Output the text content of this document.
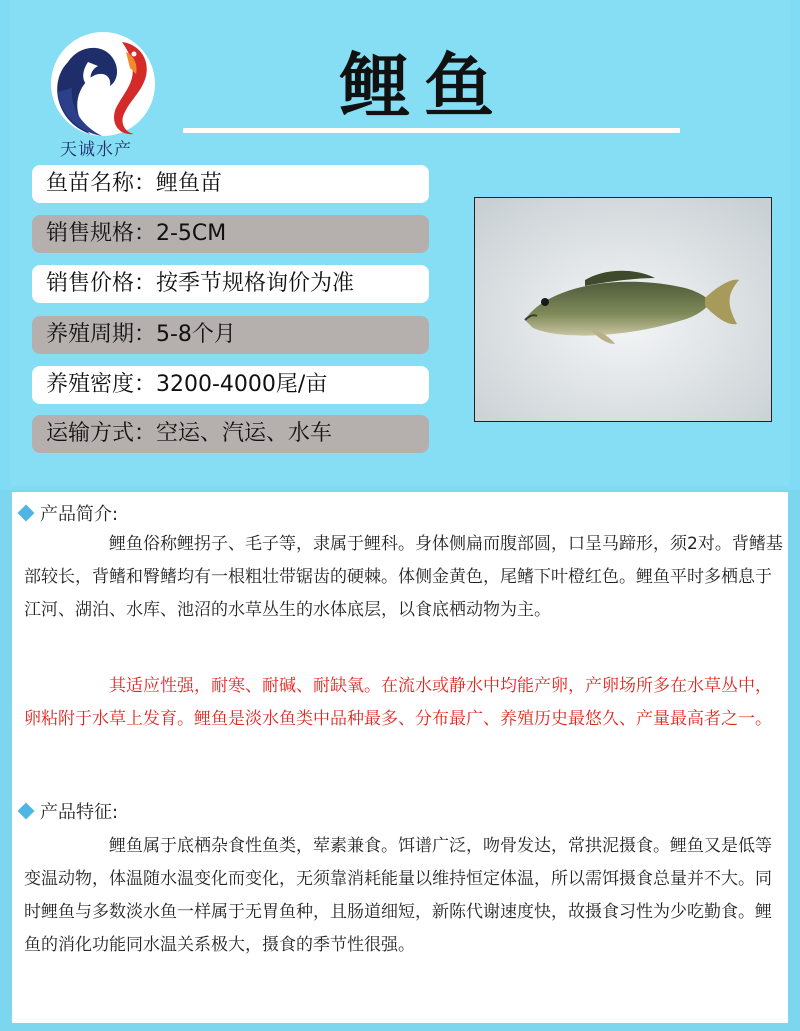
天诚水产
鲤鱼
鱼苗名称：鲤鱼苗
销售规格：2-5CM
销售价格：按季节规格询价为准
养殖周期：5-8个月
养殖密度：3200-4000尾/亩
运输方式：空运、汽运、水车
产品简介:
鲤鱼俗称鲤拐子、毛子等，隶属于鲤科。身体侧扁而腹部圆，口呈马蹄形，须2对。背鳍基部较长，背鳍和臀鳍均有一根粗壮带锯齿的硬棘。体侧金黄色，尾鳍下叶橙红色。鲤鱼平时多栖息于江河、湖泊、水库、池沼的水草丛生的水体底层，以食底栖动物为主。
其适应性强，耐寒、耐碱、耐缺氧。在流水或静水中均能产卵，产卵场所多在水草丛中，卵粘附于水草上发育。鲤鱼是淡水鱼类中品种最多、分布最广、养殖历史最悠久、产量最高者之一。
产品特征:
鲤鱼属于底栖杂食性鱼类，荤素兼食。饵谱广泛，吻骨发达，常拱泥摄食。鲤鱼又是低等变温动物，体温随水温变化而变化，无须靠消耗能量以维持恒定体温，所以需饵摄食总量并不大。同时鲤鱼与多数淡水鱼一样属于无胃鱼种，且肠道细短，新陈代谢速度快，故摄食习性为少吃勤食。鲤鱼的消化功能同水温关系极大，摄食的季节性很强。
